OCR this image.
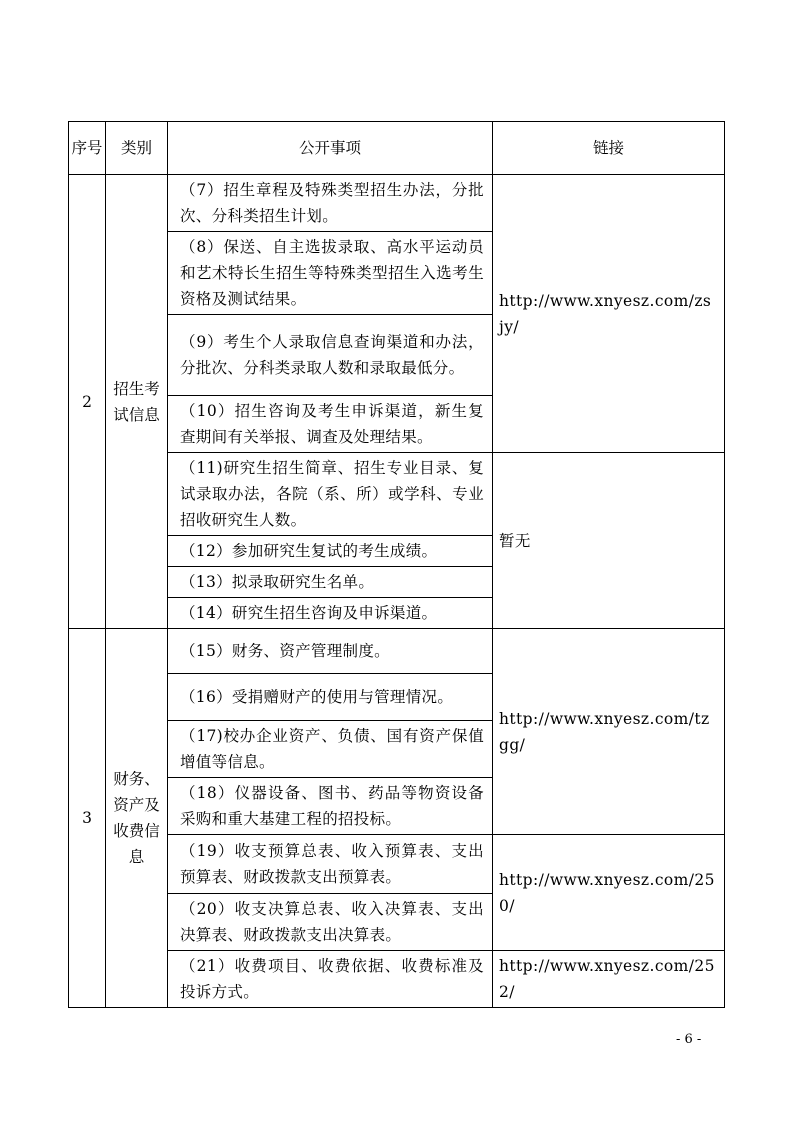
序号	类别	公开事项	链接
2	招生考试信息	（7）招生章程及特殊类型招生办法，分批次、分科类招生计划。	http://www.xnyesz.com/zsjy/
		（8）保送、自主选拔录取、高水平运动员和艺术特长生招生等特殊类型招生入选考生资格及测试结果。	
		（9）考生个人录取信息查询渠道和办法，分批次、分科类录取人数和录取最低分。	
		（10）招生咨询及考生申诉渠道，新生复查期间有关举报、调查及处理结果。	
		（11)研究生招生简章、招生专业目录、复试录取办法，各院（系、所）或学科、专业招收研究生人数。	暂无
		（12）参加研究生复试的考生成绩。	
		（13）拟录取研究生名单。	
		（14）研究生招生咨询及申诉渠道。	
3	财务、资产及收费信息	（15）财务、资产管理制度。	http://www.xnyesz.com/tzgg/
		（16）受捐赠财产的使用与管理情况。	
		（17)校办企业资产、负债、国有资产保值增值等信息。	
		（18）仪器设备、图书、药品等物资设备采购和重大基建工程的招投标。	
		（19）收支预算总表、收入预算表、支出预算表、财政拨款支出预算表。	http://www.xnyesz.com/250/
		（20）收支决算总表、收入决算表、支出决算表、财政拨款支出决算表。	
		（21）收费项目、收费依据、收费标准及投诉方式。	http://www.xnyesz.com/252/
- 6 -
